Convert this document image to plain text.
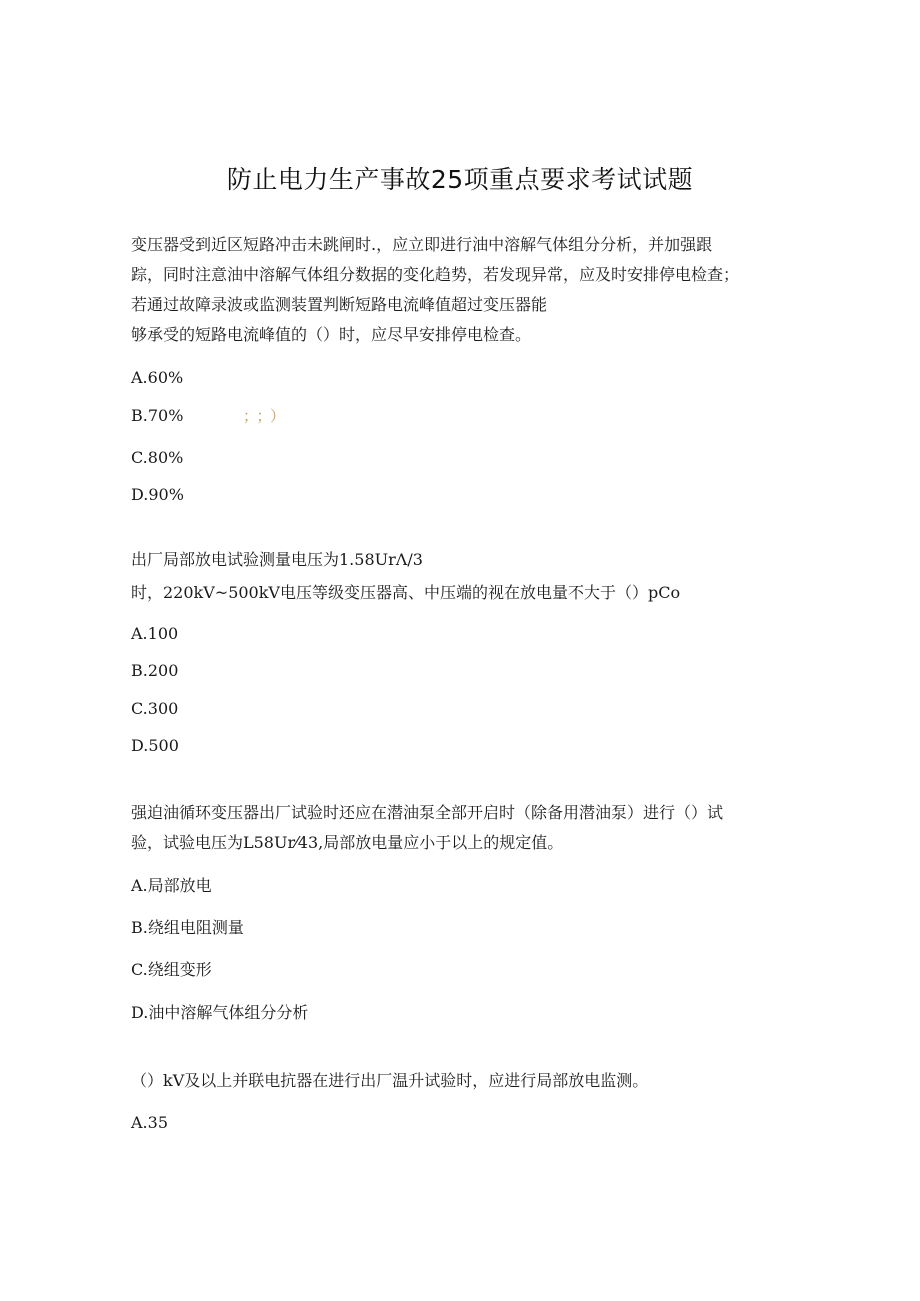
防止电力生产事故25项重点要求考试试题
变压器受到近区短路冲击未跳闸时.，应立即进行油中溶解气体组分分析，并加强跟
踪，同时注意油中溶解气体组分数据的变化趋势，若发现异常，应及时安排停电检查；
若通过故障录波或监测装置判断短路电流峰值超过变压器能
够承受的短路电流峰值的（）时，应尽早安排停电检查。
A.60%
B.70%	；；）
C.80%
D.90%
出厂局部放电试验测量电压为1.58UrΛ/3
时，220kV~500kV电压等级变压器高、中压端的视在放电量不大于（）pCo
A.100
B.200
C.300
D.500
强迫油循环变压器出厂试验时还应在潜油泵全部开启时（除备用潜油泵）进行（）试
验，试验电压为L58Ur⁄43,局部放电量应小于以上的规定值。
A.局部放电
B.绕组电阻测量
C.绕组变形
D.油中溶解气体组分分析
（）kV及以上并联电抗器在进行出厂温升试验时，应进行局部放电监测。
A.35
